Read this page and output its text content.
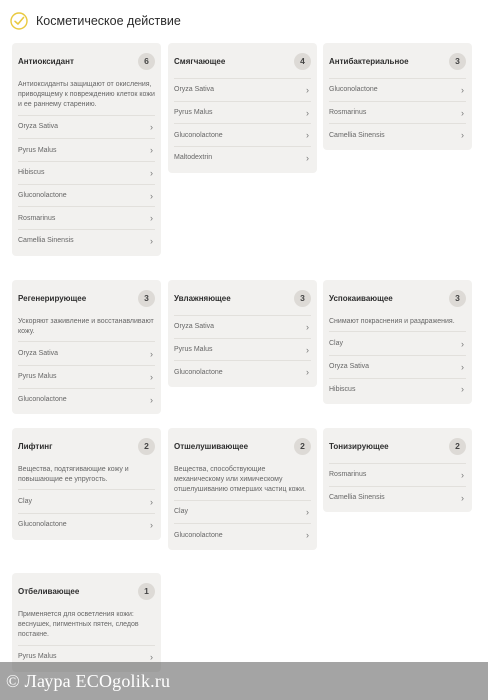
Косметическое действие
Антиоксидант	6
Антиоксиданты защищают от окисления, приводящему к повреждению клеток кожи и ее раннему старению.
Oryza Sativa	›
Pyrus Malus	›
Hibiscus	›
Gluconolactone	›
Rosmarinus	›
Camellia Sinensis	›
Смягчающее	4
Oryza Sativa	›
Pyrus Malus	›
Gluconolactone	›
Maltodextrin	›
Антибактериальное	3
Gluconolactone	›
Rosmarinus	›
Camellia Sinensis	›
Регенерирующее	3
Ускоряют заживление и восстанавливают кожу.
Oryza Sativa	›
Pyrus Malus	›
Gluconolactone	›
Увлажняющее	3
Oryza Sativa	›
Pyrus Malus	›
Gluconolactone	›
Успокаивающее	3
Снимают покраснения и раздражения.
Clay	›
Oryza Sativa	›
Hibiscus	›
Лифтинг	2
Вещества, подтягивающие кожу и повышающие ее упругость.
Clay	›
Gluconolactone	›
Отшелушивающее	2
Вещества, способствующие механическому или химическому отшелушиванию отмерших частиц кожи.
Clay	›
Gluconolactone	›
Тонизирующее	2
Rosmarinus	›
Camellia Sinensis	›
Отбеливающее	1
Применяется для осветления кожи: веснушек, пигментных пятен, следов постакне.
Pyrus Malus	›
© Лаура ECOgolik.ru
